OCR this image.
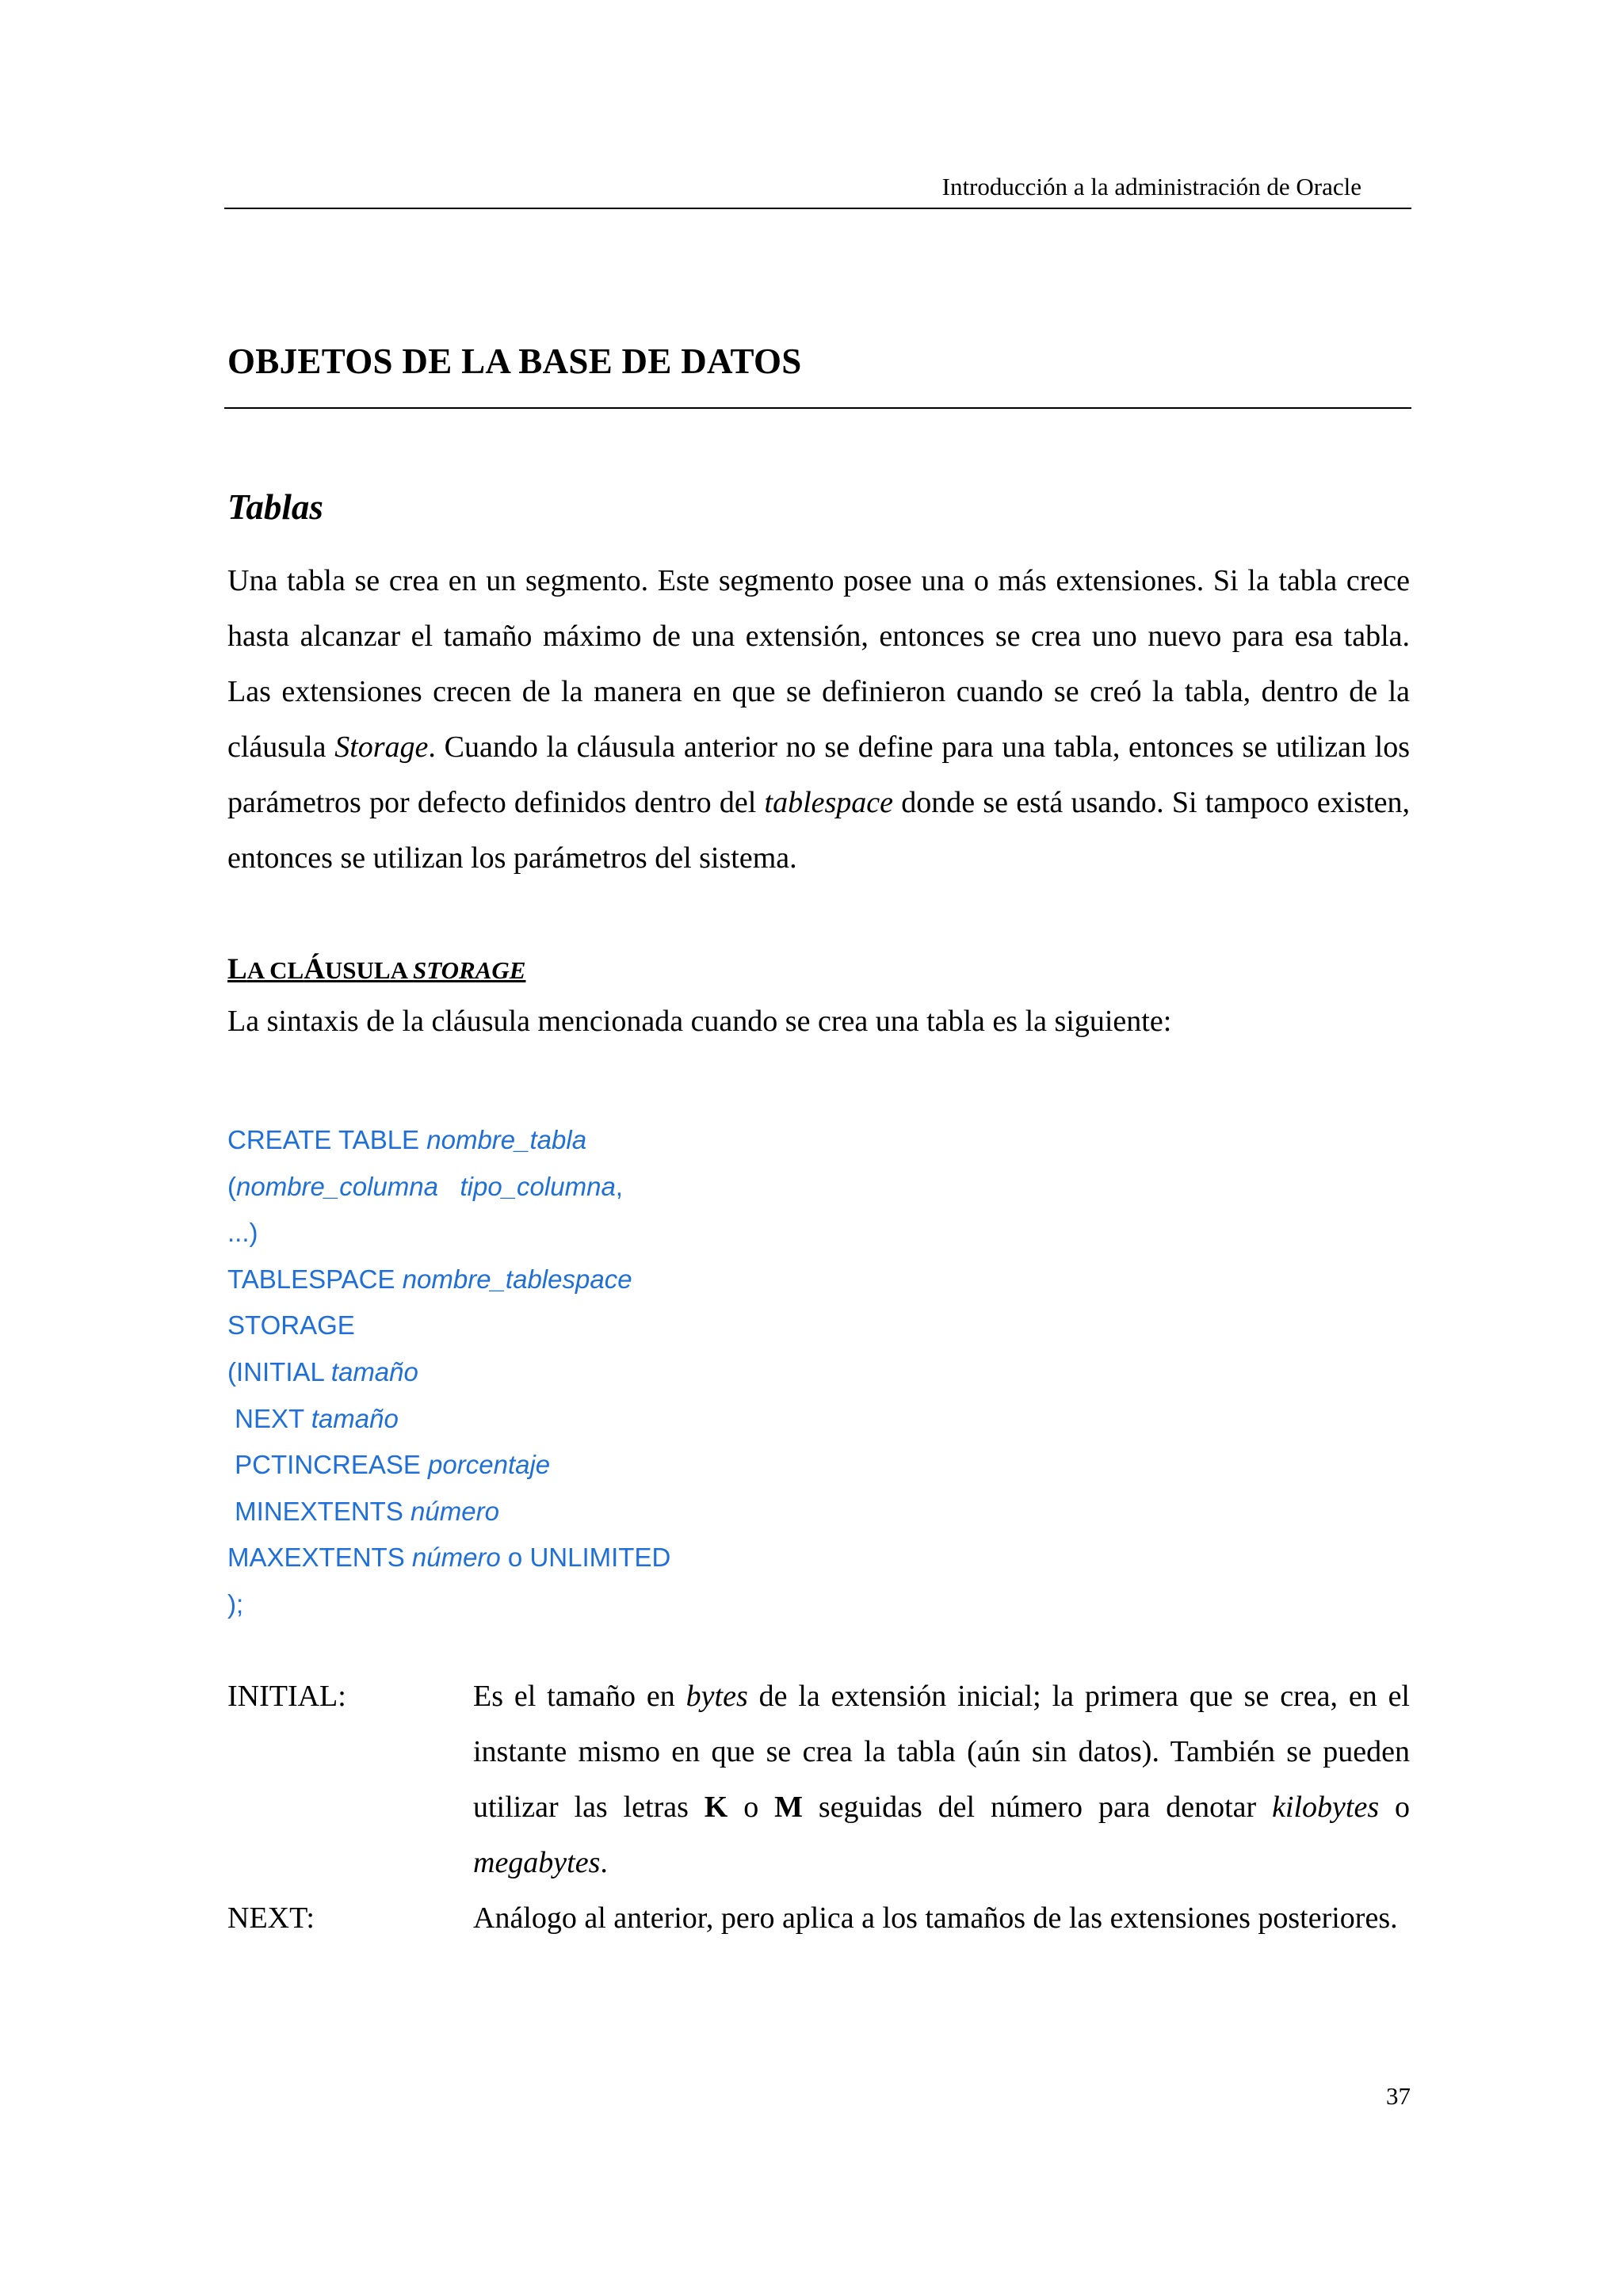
Introducción a la administración de Oracle
OBJETOS DE LA BASE DE DATOS
Tablas

Una tabla se crea en un segmento. Este segmento posee una o más extensiones. Si la tabla crece hasta alcanzar el tamaño máximo de una extensión, entonces se crea uno nuevo para esa tabla. Las extensiones crecen de la manera en que se definieron cuando se creó la tabla, dentro de la cláusula Storage. Cuando la cláusula anterior no se define para una tabla, entonces se utilizan los parámetros por defecto definidos dentro del tablespace donde se está usando. Si tampoco existen, entonces se utilizan los parámetros del sistema.

LA CLÁUSULA STORAGE

La sintaxis de la cláusula mencionada cuando se crea una tabla es la siguiente:

CREATE TABLE nombre_tabla
(nombre_columna tipo_columna,
...)
TABLESPACE nombre_tablespace
STORAGE
(INITIAL tamaño
NEXT tamaño
PCTINCREASE porcentaje
MINEXTENTS número
MAXEXTENTS número o UNLIMITED
);
INITIAL:	Es el tamaño en bytes de la extensión inicial; la primera que se crea, en el instante mismo en que se crea la tabla (aún sin datos). También se pueden utilizar las letras K o M seguidas del número para denotar kilobytes o megabytes.
NEXT:	Análogo al anterior, pero aplica a los tamaños de las extensiones posteriores.

37
